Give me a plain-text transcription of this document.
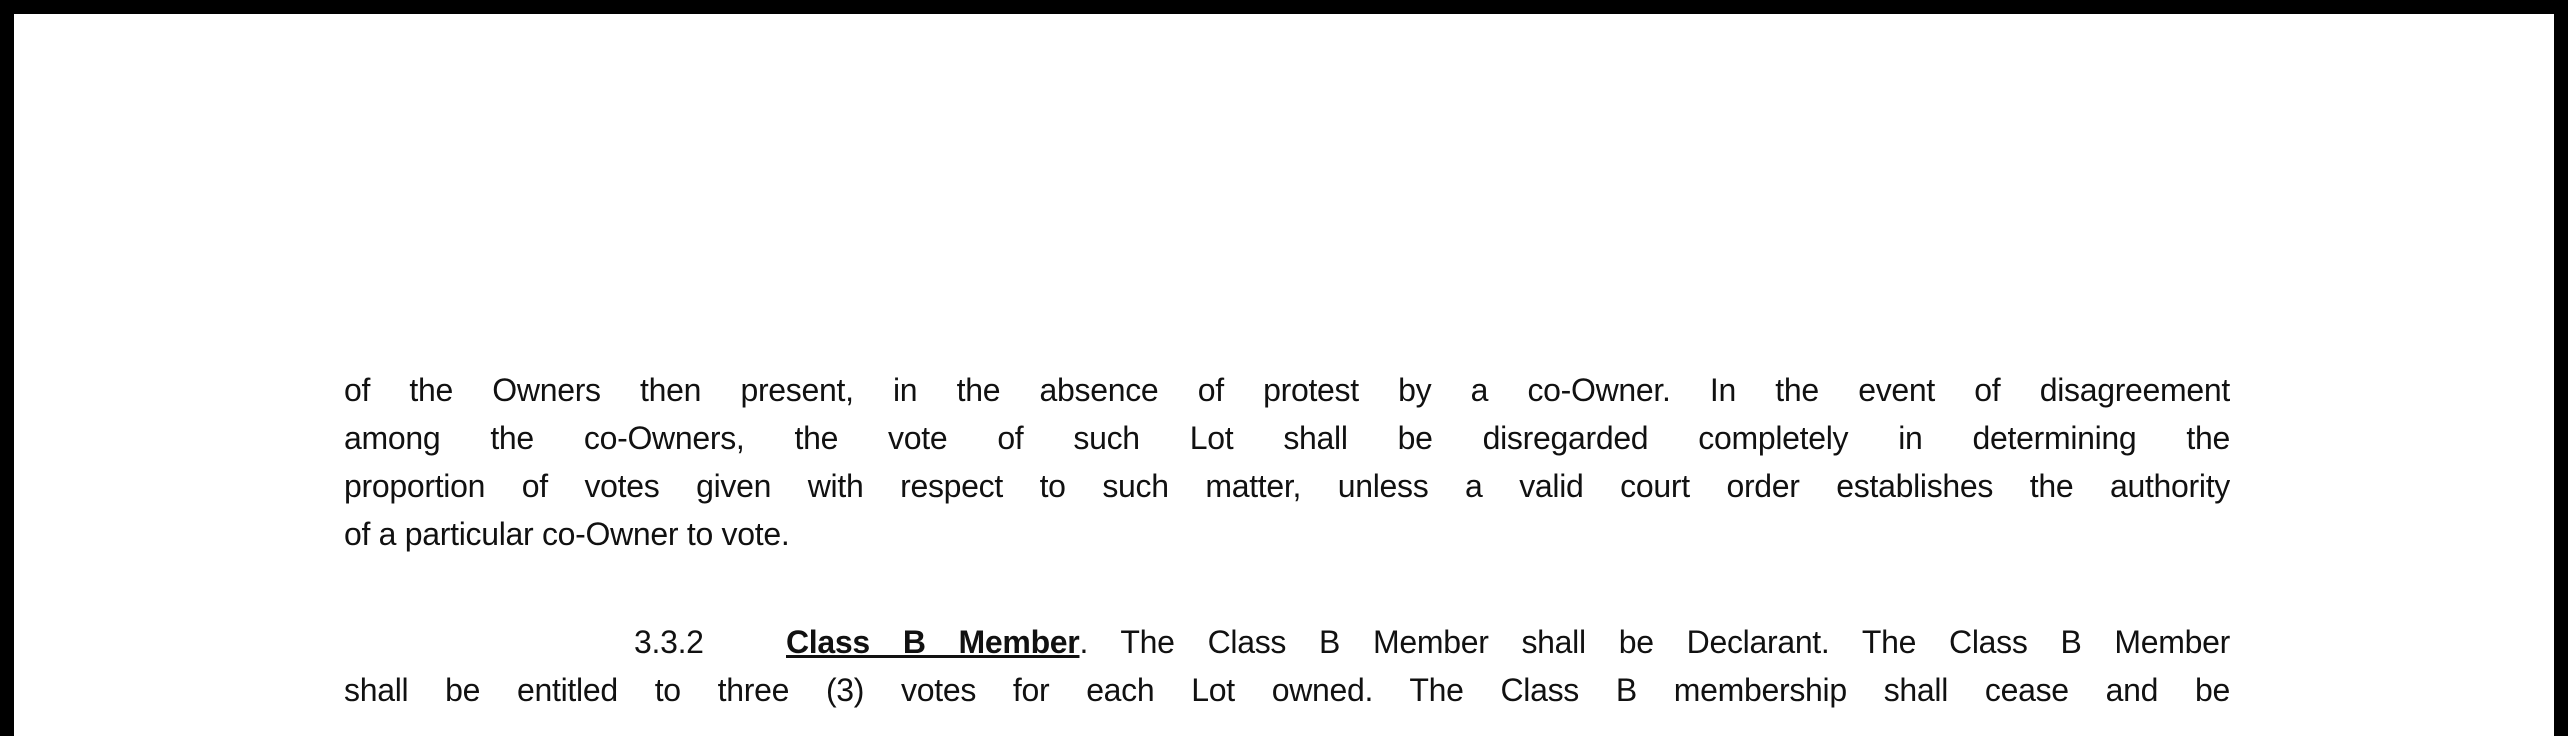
of the Owners then present, in the absence of protest by a co-Owner. In the event of disagreement
among the co-Owners, the vote of such Lot shall be disregarded completely in determining the
proportion of votes given with respect to such matter, unless a valid court order establishes the authority
of a particular co-Owner to vote.
3.3.2	Class B Member. The Class B Member shall be Declarant. The Class B Member
shall be entitled to three (3) votes for each Lot owned. The Class B membership shall cease and be
